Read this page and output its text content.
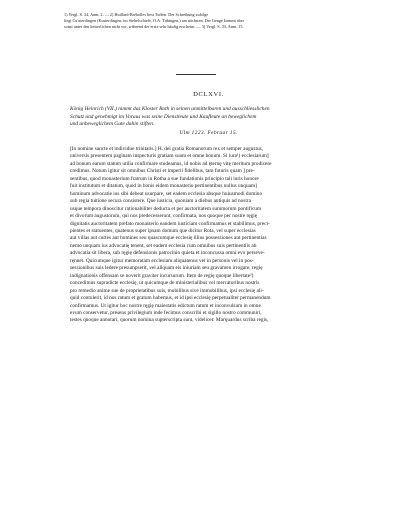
1) Vergl. S. 34, Anm. 2. — 2) Huillard-Bréholles liest Tuffen. Der Schreibung zufolge
liegt Cu'uterdingen (Kusterdingen, im Stebelschiefe, O.A. Tübingen,) am nächsten. Der Genge kommt aber
sonst unter den keiserlichen nicht vor, während der erste sehr häufig erscheint. — 3) Vergl. S. 33, Anm. 15.
DCLXVI.
König Heinrich (VII.) nimmt das Kloster Roth in seinen unmittelbaren und ausschliesslichen
Schutz und genehmigt im Voraus was seine Dienstleute und Kaufleute an beweglichem
und unbeweglichem Gute dahin stiften.
Ulm 1223. Februar 15.
[In nomine sancte et individue trinitatis.] H. dei gratia Romanorum rex et semper augustus,
universis presentem paginam inspecturis gratiam suam et omne bonum. Si iura¹) ecclesiarum]
ad bonum earum statum utilia confirmare studeamus, id nobis ad ęternę vitę meritum prodicere
credimus. Notum igitur sit omnibus Christi et imperii fidelibus, tam futuris quam ] pre-
sentibus, quod monasterium fratrum in Rotha a sue fundationis principio tali iuris honore
fuit institutum et ditatum, quod in bonis eidem monasterio pertinentibus nullus unquam]
hominum advocatie ius sibi debeat usurpare, set eadem ecclesia absque huiusmodi domino
sub regia tuitione secura consistere. Que iusticia, quoniam a diebus antiquis ad nostra
usque tempora dinoscitur rationabiliter deducta et per auctoritatem summorum pontificum
et divorum augustorum, qui nos predecesserunt, confirmata, nos quoque per nostre ręgię
dignitatis auctoritatem prefato monasterio eandem iusticiam confirmamus et stabilimus, preci-
pientes et statuentes, quatenus super ipsam domum que dicitur Rota, vel super ecclesias
aut villas aut curtes aut homines seu quascumque ecclesię illius possessiones aut pertinentias
nemo unquam ius advocatię tenent, set eadem ecclesia cum omnibus suis pertinentiis ab
advocatia sit libera, sub ręgię defensionis patrocinio quieta et inconcussa omni evo perseve-
ręnnet. Quicumque igitur memoratam ecclesiam aliquatenus vel in personis vel in pos-
sessionibus suis ledere presumpserit, vel aliquam eis iniuriam seu gravamen irrogare, regię
indignationis offensam se noverit graviter incursurum. Item de regię quoque libertate²)
concedimus supradicte ecclesię, ut quicumque de ministerialibus vel mercatoribus nostris
pro remedio anime sue de proprietatibus suis, mobilibus sive immobilibus, ipsi ecclesię ali-
quid contulerit, id nos ratum et gratum habemus, et id ipsi ecclesię perpetualiter permanendum
confirmamus. Ut igitur hoc nostre ręgię maiestatis edictum ratum et inconvulsum in omne
evum conservetur, presens privilegium inde fecimus conscribi et sigillo nostro communiri,
testes quoque annotari, quorum nomina supterscripta sunt, videlicet: Marquardus scriba regis,
